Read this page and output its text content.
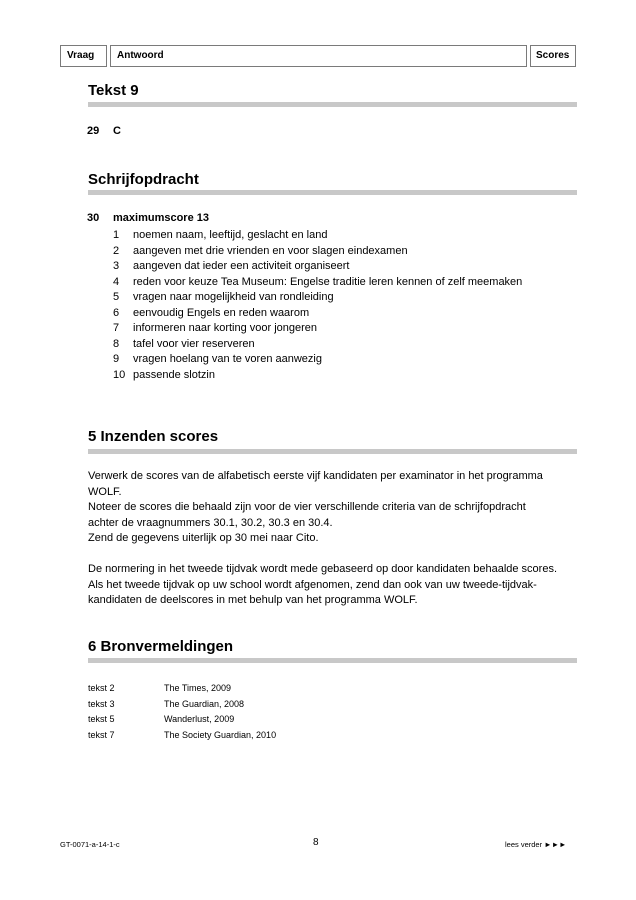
Vraag	Antwoord	Scores
Tekst 9
29 C
Schrijfopdracht
30 maximumscore 13
1	noemen naam, leeftijd, geslacht en land
2	aangeven met drie vrienden en voor slagen eindexamen
3	aangeven dat ieder een activiteit organiseert
4	reden voor keuze Tea Museum: Engelse traditie leren kennen of zelf meemaken
5	vragen naar mogelijkheid van rondleiding
6	eenvoudig Engels en reden waarom
7	informeren naar korting voor jongeren
8	tafel voor vier reserveren
9	vragen hoelang van te voren aanwezig
10 passende slotzin
5 Inzenden scores

Verwerk de scores van de alfabetisch eerste vijf kandidaten per examinator in het programma WOLF.

Noteer de scores die behaald zijn voor de vier verschillende criteria van de schrijfopdracht achter de vraagnummers 30.1, 30.2, 30.3 en 30.4.

Zend de gegevens uiterlijk op 30 mei naar Cito.

De normering in het tweede tijdvak wordt mede gebaseerd op door kandidaten behaalde scores. Als het tweede tijdvak op uw school wordt afgenomen, zend dan ook van uw tweede-tijdvak-kandidaten de deelscores in met behulp van het programma WOLF.

6 Bronvermeldingen
tekst 2	The Times, 2009
tekst 3	The Guardian, 2008
tekst 5	Wanderlust, 2009
tekst 7	The Society Guardian, 2010
GT-0071-a-14-1-c	8	lees verder ►►►
